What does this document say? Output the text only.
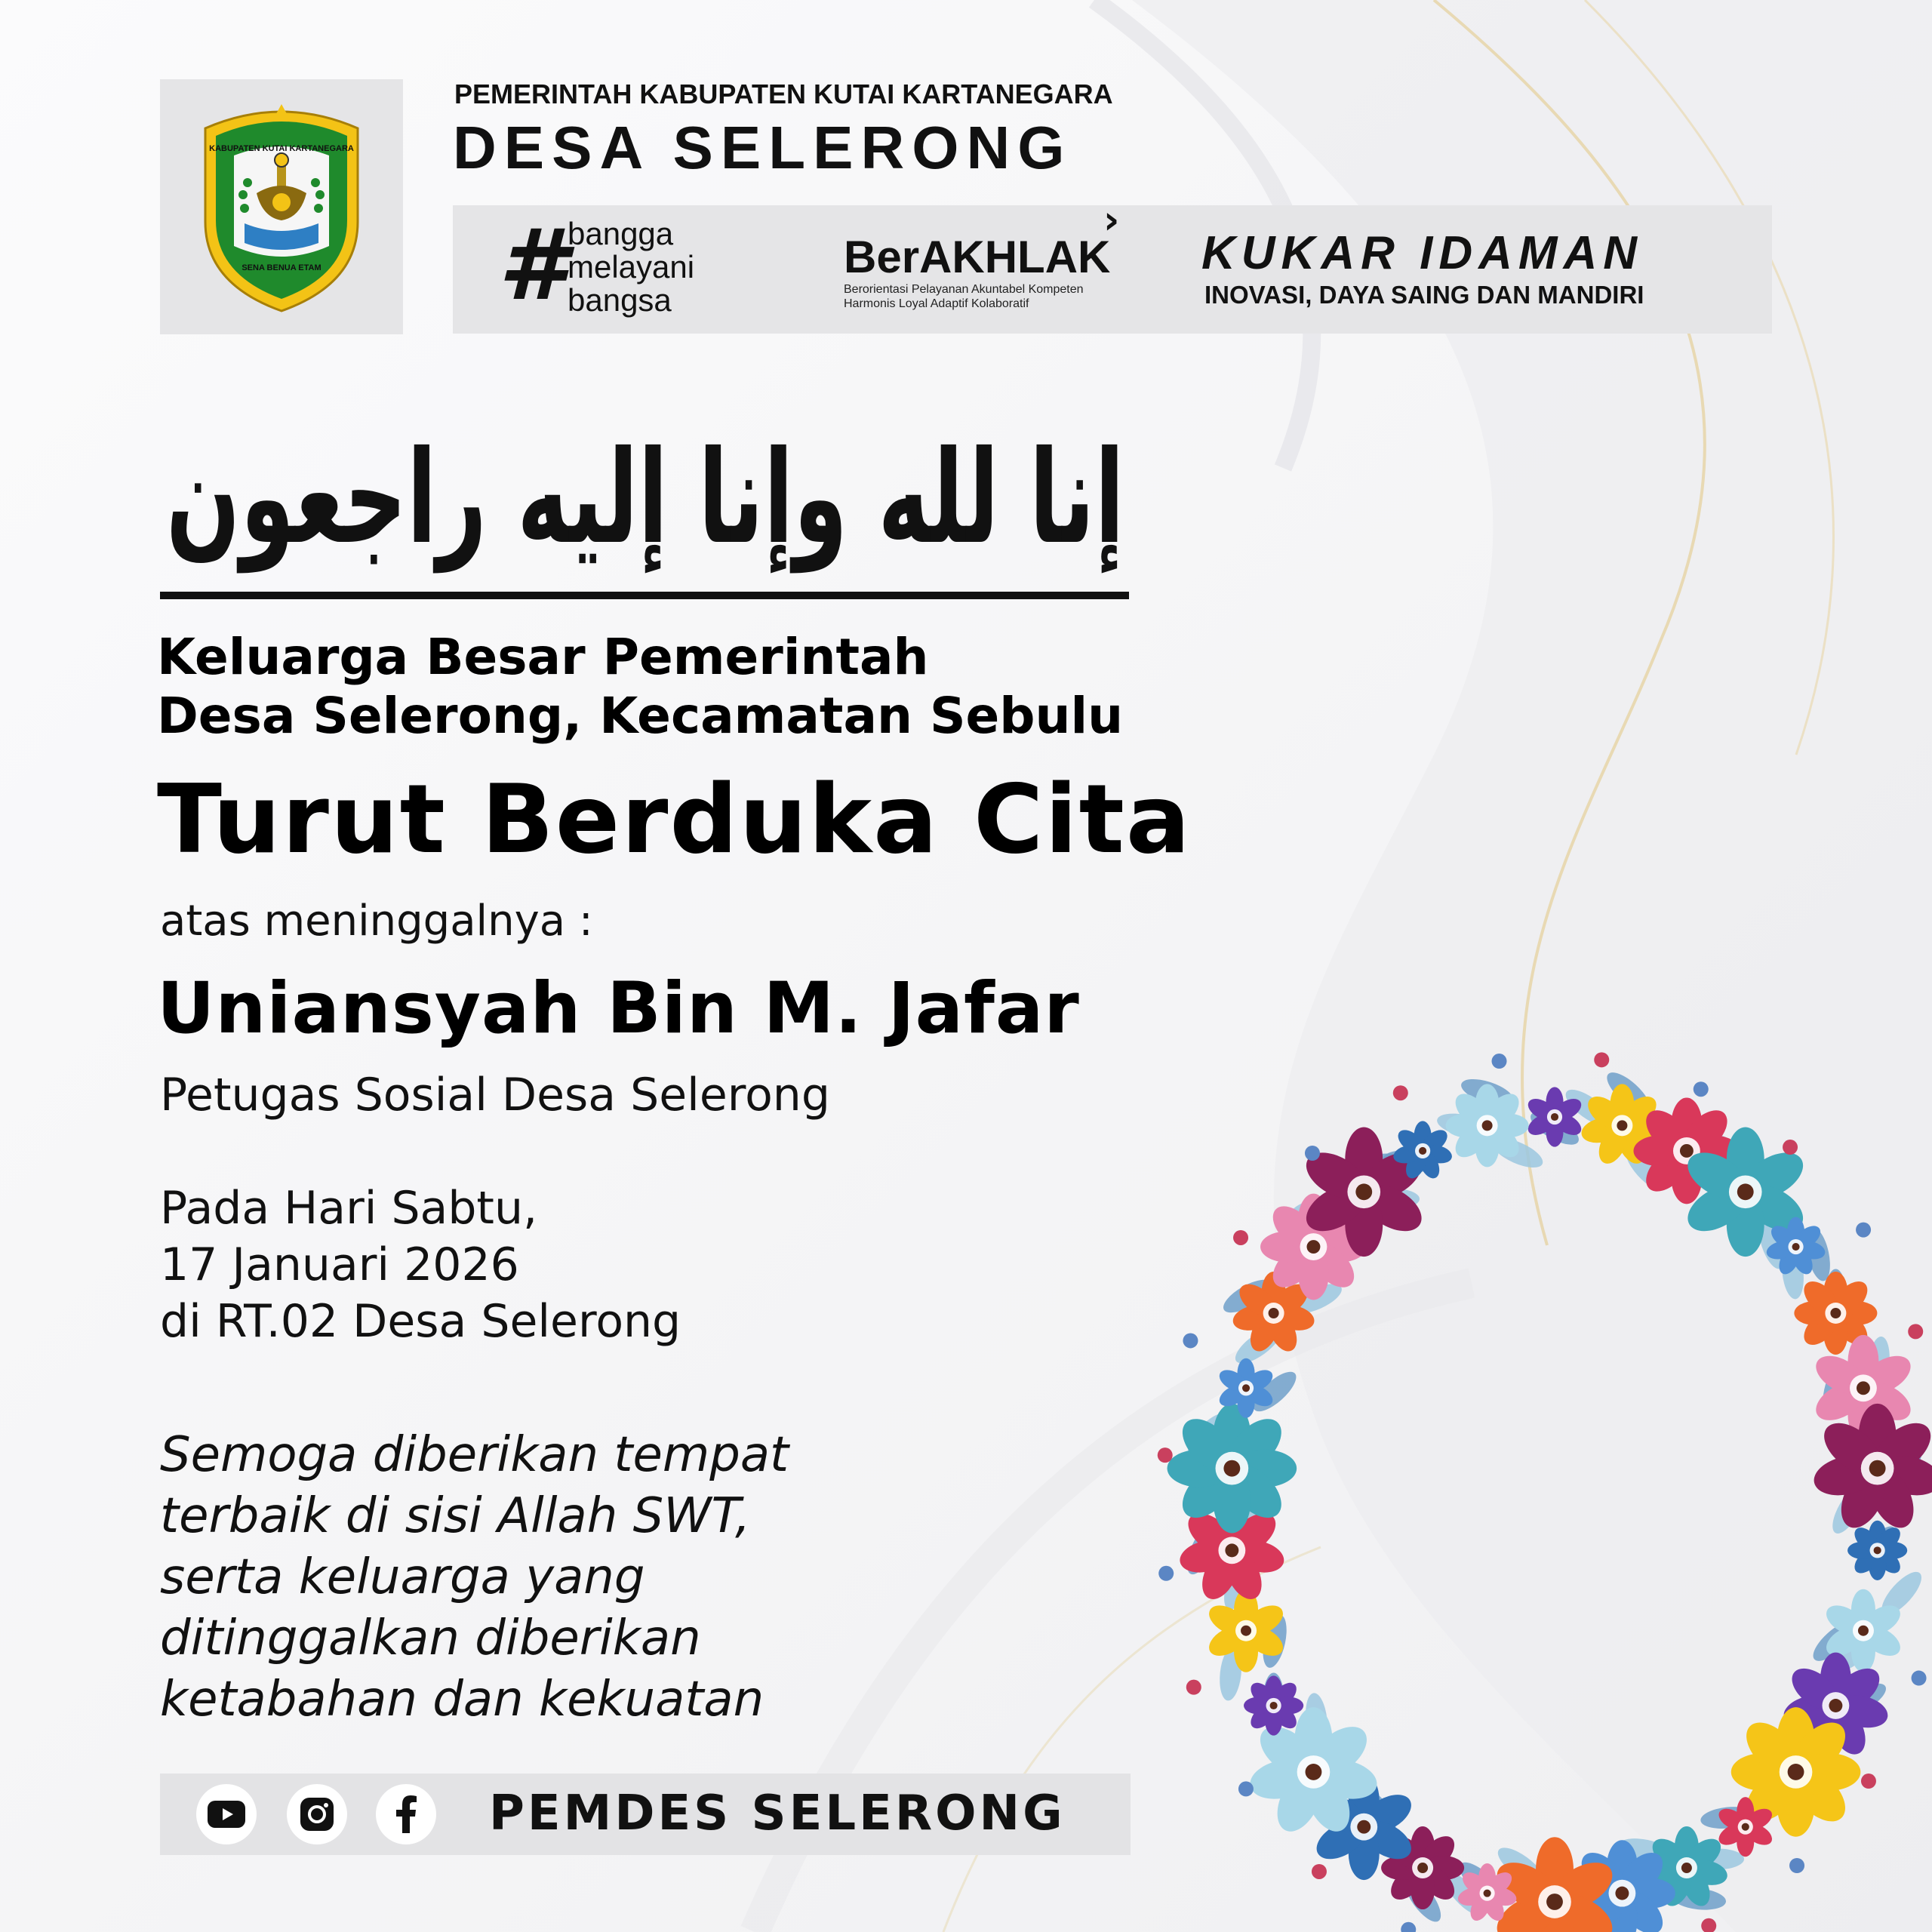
KABUPATEN KUTAI KARTANEGARA
SENA BENUA ETAM
PEMERINTAH KABUPATEN KUTAI KARTANEGARA
DESA SELERONG
# bangga
melayani
bangsa
BerAKHLAK
›
Berorientasi Pelayanan Akuntabel Kompeten
Harmonis Loyal Adaptif Kolaboratif
KUKAR IDAMAN
INOVASI, DAYA SAING DAN MANDIRI
إنا لله وإنا إليه راجعون
Keluarga Besar Pemerintah
Desa Selerong, Kecamatan Sebulu
Turut Berduka Cita
atas meninggalnya :
Uniansyah Bin M. Jafar
Petugas Sosial Desa Selerong
Pada Hari Sabtu,
17 Januari 2026
di RT.02 Desa Selerong
Semoga diberikan tempat
terbaik di sisi Allah SWT,
serta keluarga yang
ditinggalkan diberikan
ketabahan dan kekuatan
PEMDES SELERONG
